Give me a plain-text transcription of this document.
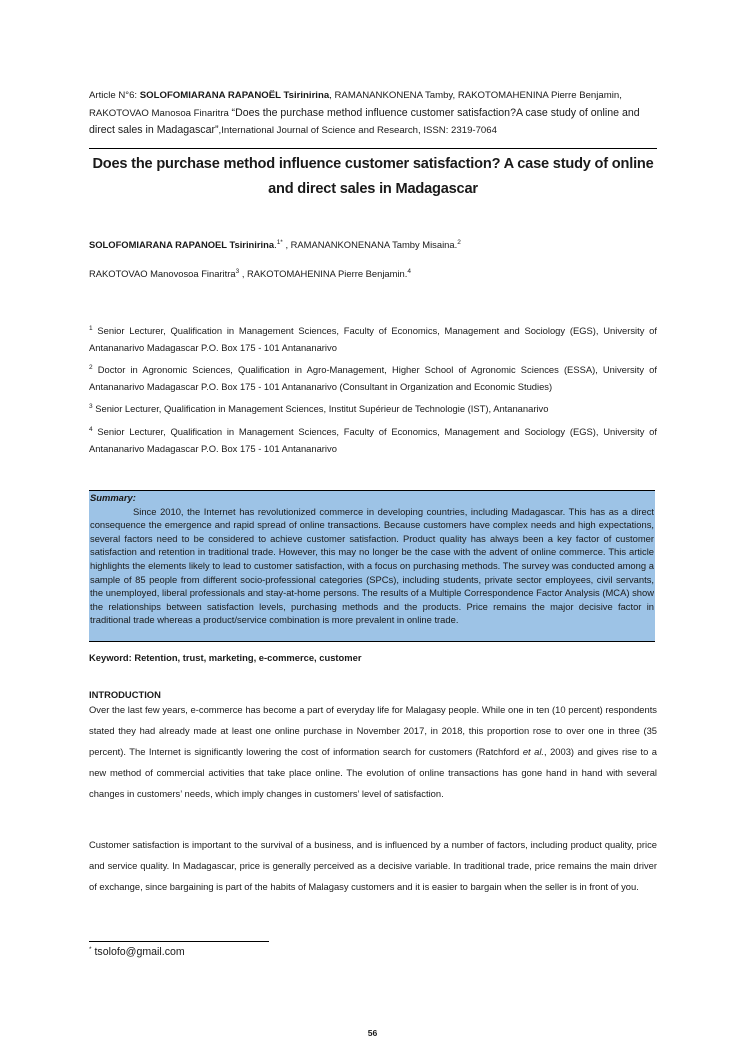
Article N°6: SOLOFOMIARANA RAPANOËL Tsirinirina, RAMANANKONENA Tamby, RAKOTOMAHENINA Pierre Benjamin, RAKOTOVAO Manosoa Finaritra “Does the purchase method influence customer satisfaction?A case study of online and direct sales in Madagascar”,International Journal of Science and Research, ISSN: 2319-7064
Does the purchase method influence customer satisfaction? A case study of online and direct sales in Madagascar
SOLOFOMIARANA RAPANOEL Tsirinirina.$^{1*}$ , RAMANANKONENANA Tamby Misaina.$^2$
RAKOTOVAO Manovosoa Finaritra$^3$ , RAKOTOMAHENINA Pierre Benjamin.$^4$
$^1$ Senior Lecturer, Qualification in Management Sciences, Faculty of Economics, Management and Sociology (EGS), University of Antananarivo Madagascar P.O. Box 175 - 101 Antananarivo
$^2$ Doctor in Agronomic Sciences, Qualification in Agro-Management, Higher School of Agronomic Sciences (ESSA), University of Antananarivo Madagascar P.O. Box 175 - 101 Antananarivo (Consultant in Organization and Economic Studies)
$^3$ Senior Lecturer, Qualification in Management Sciences, Institut Supérieur de Technologie (IST), Antananarivo
$^4$ Senior Lecturer, Qualification in Management Sciences, Faculty of Economics, Management and Sociology (EGS), University of Antananarivo Madagascar P.O. Box 175 - 101 Antananarivo
Summary:
Since 2010, the Internet has revolutionized commerce in developing countries, including Madagascar. This has as a direct consequence the emergence and rapid spread of online transactions. Because customers have complex needs and high expectations, several factors need to be considered to achieve customer satisfaction. Product quality has always been a key factor of customer satisfaction and retention in traditional trade. However, this may no longer be the case with the advent of online commerce. This article highlights the elements likely to lead to customer satisfaction, with a focus on purchasing methods. The survey was conducted among a sample of 85 people from different socio-professional categories (SPCs), including students, private sector employees, civil servants, the unemployed, liberal professionals and stay-at-home persons. The results of a Multiple Correspondence Factor Analysis (MCA) show the relationships between satisfaction levels, purchasing methods and the products. Price remains the major decisive factor in traditional trade whereas a product/service combination is more prevalent in online trade.
Keyword: Retention, trust, marketing, e-commerce, customer
INTRODUCTION
Over the last few years, e-commerce has become a part of everyday life for Malagasy people. While one in ten (10 percent) respondents stated they had already made at least one online purchase in November 2017, in 2018, this proportion rose to over one in three (35 percent). The Internet is significantly lowering the cost of information search for customers (Ratchford et al., 2003) and gives rise to a new method of commercial activities that take place online. The evolution of online transactions has gone hand in hand with several changes in customers’ needs, which imply changes in customers’ level of satisfaction.
Customer satisfaction is important to the survival of a business, and is influenced by a number of factors, including product quality, price and service quality. In Madagascar, price is generally perceived as a decisive variable. In traditional trade, price remains the main driver of exchange, since bargaining is part of the habits of Malagasy customers and it is easier to bargain when the seller is in front of you.
* tsolofo@gmail.com
56
